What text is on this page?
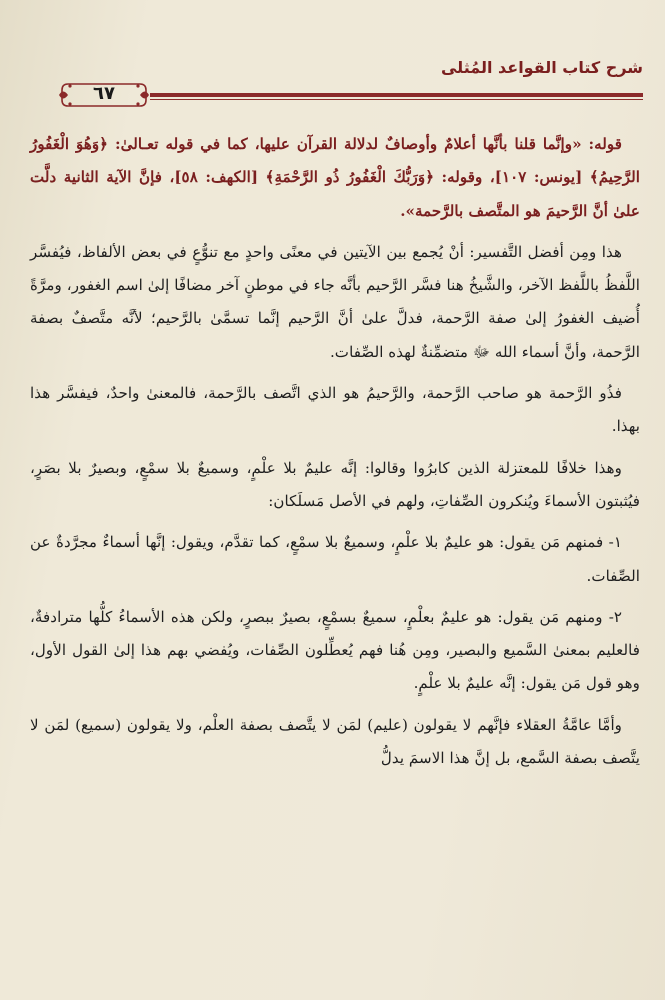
شرح كتاب القواعد المُثلى
٦٧

قوله: «وإنَّما قلنا بأنَّها أعلامٌ وأوصافٌ لدلالة القرآن عليها، كما في قوله تعـالىٰ: ﴿وَهُوَ الْغَفُورُ الرَّحِيمُ﴾ [يونس: ١٠٧]، وقوله: ﴿وَرَبُّكَ الْغَفُورُ ذُو الرَّحْمَةِ﴾ [الكهف: ٥٨]، فإنَّ الآية الثانية دلَّت علىٰ أنَّ الرَّحيمَ هو المتَّصف بالرَّحمة».

هذا ومِن أفضل التَّفسير: أنْ يُجمع بين الآيتين في معنًى واحدٍ مع تنوُّعٍ في بعض الألفاظ، فيُفسَّر اللَّفظُ باللَّفظ الآخر، والشَّيخُ هنا فسَّر الرَّحيم بأنَّه جاء في موطنٍ آخر مضافًا إلىٰ اسم الغفور، ومرَّةً أُضيف الغفورُ إلىٰ صفة الرَّحمة، فدلَّ علىٰ أنَّ الرَّحيم إنَّما تسمَّىٰ بالرَّحيم؛ لأنَّه متَّصفٌ بصفة الرَّحمة، وأنَّ أسماء الله ﷻ متضمِّنةٌ لهذه الصِّفات.

فذُو الرَّحمة هو صاحب الرَّحمة، والرَّحيمُ هو الذي اتَّصف بالرَّحمة، فالمعنىٰ واحدٌ، فيفسَّر هذا بهذا.

وهذا خلافًا للمعتزلة الذين كابرُوا وقالوا: إنَّه عليمٌ بلا علْمٍ، وسميعٌ بلا سمْعٍ، وبصيرٌ بلا بصَرٍ، فيُثبتون الأسماءَ ويُنكرون الصِّفاتِ، ولهم في الأصل مَسلَكان:

١- فمنهم مَن يقول: هو عليمٌ بلا علْمٍ، وسميعٌ بلا سمْعٍ، كما تقدَّم، ويقول: إنَّها أسماءٌ مجرَّدةٌ عن الصِّفات.

٢- ومنهم مَن يقول: هو عليمٌ بعلْمٍ، سميعٌ بسمْعٍ، بصيرٌ ببصرٍ، ولكن هذه الأسماءُ كلُّها مترادفةٌ، فالعليم بمعنىٰ السَّميع والبصير، ومِن هُنا فهم يُعطِّلون الصِّفات، ويُفضي بهم هذا إلىٰ القول الأول، وهو قول مَن يقول: إنَّه عليمٌ بلا علْمٍ.

وأمَّا عامَّةُ العقلاء فإنَّهم لا يقولون (عليم) لمَن لا يتَّصف بصفة العلْم، ولا يقولون (سميع) لمَن لا يتَّصف بصفة السَّمع، بل إنَّ هذا الاسمَ يدلُّ
